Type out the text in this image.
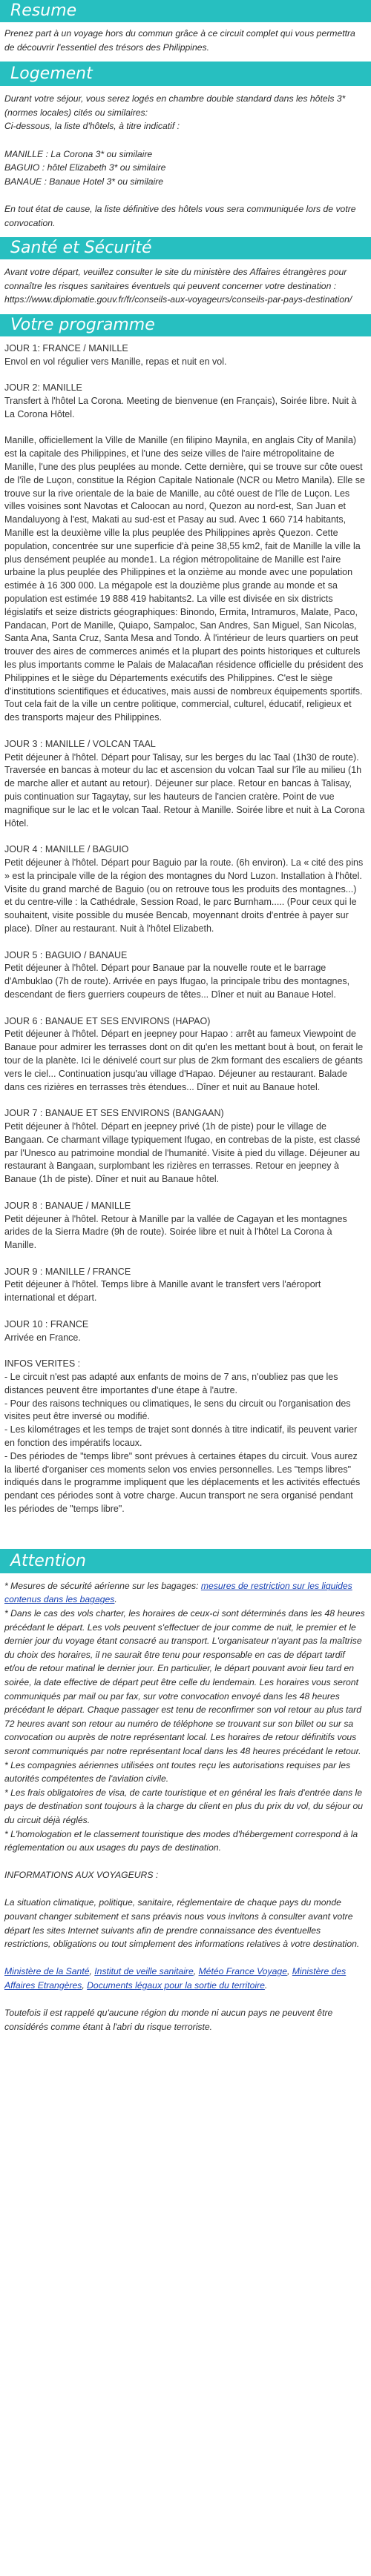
Resume

Prenez part à un voyage hors du commun grâce à ce circuit complet qui vous permettra de découvrir l'essentiel des trésors des Philippines.

Logement

Durant votre séjour, vous serez logés en chambre double standard dans les hôtels 3* (normes locales) cités ou similaires:

Ci-dessous, la liste d'hôtels, à titre indicatif :

MANILLE : La Corona 3* ou similaire

BAGUIO : hôtel Elizabeth 3* ou similaire

BANAUE : Banaue Hotel 3* ou similaire

En tout état de cause, la liste définitive des hôtels vous sera communiquée lors de votre convocation.

Santé et Sécurité

Avant votre départ, veuillez consulter le site du ministère des Affaires étrangères pour connaître les risques sanitaires éventuels qui peuvent concerner votre destination : https://www.diplomatie.gouv.fr/fr/conseils-aux-voyageurs/conseils-par-pays-destination/

Votre programme

JOUR 1: FRANCE / MANILLE

Envol en vol régulier vers Manille, repas et nuit en vol.

JOUR 2: MANILLE

Transfert à l'hôtel La Corona. Meeting de bienvenue (en Français), Soirée libre. Nuit à La Corona Hôtel.

Manille, officiellement la Ville de Manille (en filipino Maynila, en anglais City of Manila) est la capitale des Philippines, et l'une des seize villes de l'aire métropolitaine de Manille, l'une des plus peuplées au monde. Cette dernière, qui se trouve sur côte ouest de l'île de Luçon, constitue la Région Capitale Nationale (NCR ou Metro Manila). Elle se trouve sur la rive orientale de la baie de Manille, au côté ouest de l'île de Luçon. Les villes voisines sont Navotas et Caloocan au nord, Quezon au nord-est, San Juan et Mandaluyong à l'est, Makati au sud-est et Pasay au sud. Avec 1 660 714 habitants, Manille est la deuxième ville la plus peuplée des Philippines après Quezon. Cette population, concentrée sur une superficie d'à peine 38,55 km2, fait de Manille la ville la plus densément peuplée au monde1. La région métropolitaine de Manille est l'aire urbaine la plus peuplée des Philippines et la onzième au monde avec une population estimée à 16 300 000. La mégapole est la douzième plus grande au monde et sa population est estimée 19 888 419 habitants2. La ville est divisée en six districts législatifs et seize districts géographiques: Binondo, Ermita, Intramuros, Malate, Paco, Pandacan, Port de Manille, Quiapo, Sampaloc, San Andres, San Miguel, San Nicolas, Santa Ana, Santa Cruz, Santa Mesa and Tondo. À l'intérieur de leurs quartiers on peut trouver des aires de commerces animés et la plupart des points historiques et culturels les plus importants comme le Palais de Malacañan résidence officielle du président des Philippines et le siège du Départements exécutifs des Philippines. C'est le siège d'institutions scientifiques et éducatives, mais aussi de nombreux équipements sportifs. Tout cela fait de la ville un centre politique, commercial, culturel, éducatif, religieux et des transports majeur des Philippines.

JOUR 3 : MANILLE / VOLCAN TAAL

Petit déjeuner à l'hôtel. Départ pour Talisay, sur les berges du lac Taal (1h30 de route). Traversée en bancas à moteur du lac et ascension du volcan Taal sur l'île au milieu (1h de marche aller et autant au retour). Déjeuner sur place. Retour en bancas à Talisay, puis continuation sur Tagaytay, sur les hauteurs de l'ancien cratère. Point de vue magnifique sur le lac et le volcan Taal. Retour à Manille. Soirée libre et nuit à La Corona Hôtel.

JOUR 4 : MANILLE / BAGUIO

Petit déjeuner à l'hôtel. Départ pour Baguio par la route. (6h environ). La « cité des pins » est la principale ville de la région des montagnes du Nord Luzon. Installation à l'hôtel.

Visite du grand marché de Baguio (ou on retrouve tous les produits des montagnes...) et du centre-ville : la Cathédrale, Session Road, le parc Burnham..... (Pour ceux qui le souhaitent, visite possible du musée Bencab, moyennant droits d'entrée à payer sur place). Dîner au restaurant. Nuit à l'hôtel Elizabeth.

JOUR 5 : BAGUIO / BANAUE

Petit déjeuner à l'hôtel. Départ pour Banaue par la nouvelle route et le barrage d'Ambuklao (7h de route). Arrivée en pays Ifugao, la principale tribu des montagnes, descendant de fiers guerriers coupeurs de têtes... Dîner et nuit au Banaue Hotel.

JOUR 6 : BANAUE ET SES ENVIRONS (HAPAO)

Petit déjeuner à l'hôtel. Départ en jeepney pour Hapao : arrêt au fameux Viewpoint de Banaue pour admirer les terrasses dont on dit qu'en les mettant bout à bout, on ferait le tour de la planète. Ici le dénivelé court sur plus de 2km formant des escaliers de géants vers le ciel... Continuation jusqu'au village d'Hapao. Déjeuner au restaurant. Balade dans ces rizières en terrasses très étendues... Dîner et nuit au Banaue hotel.

JOUR 7 : BANAUE ET SES ENVIRONS (BANGAAN)

Petit déjeuner à l'hôtel. Départ en jeepney privé (1h de piste) pour le village de Bangaan. Ce charmant village typiquement Ifugao, en contrebas de la piste, est classé par l'Unesco au patrimoine mondial de l'humanité. Visite à pied du village. Déjeuner au restaurant à Bangaan, surplombant les rizières en terrasses. Retour en jeepney à Banaue (1h de piste). Dîner et nuit au Banaue hôtel.

JOUR 8 : BANAUE / MANILLE

Petit déjeuner à l'hôtel. Retour à Manille par la vallée de Cagayan et les montagnes arides de la Sierra Madre (9h de route). Soirée libre et nuit à l'hôtel La Corona à Manille.

JOUR 9 : MANILLE / FRANCE

Petit déjeuner à l'hôtel. Temps libre à Manille avant le transfert vers l'aéroport international et départ.

JOUR 10 : FRANCE

Arrivée en France.

INFOS VERITES :

- Le circuit n'est pas adapté aux enfants de moins de 7 ans, n'oubliez pas que les distances peuvent être importantes d'une étape à l'autre.

- Pour des raisons techniques ou climatiques, le sens du circuit ou l'organisation des visites peut être inversé ou modifié.

- Les kilométrages et les temps de trajet sont donnés à titre indicatif, ils peuvent varier en fonction des impératifs locaux.

- Des périodes de "temps libre" sont prévues à certaines étapes du circuit. Vous aurez la liberté d'organiser ces moments selon vos envies personnelles. Les "temps libres" indiqués dans le programme impliquent que les déplacements et les activités effectués pendant ces périodes sont à votre charge. Aucun transport ne sera organisé pendant les périodes de "temps libre".

Attention

* Mesures de sécurité aérienne sur les bagages: mesures de restriction sur les liquides contenus dans les bagages.

* Dans le cas des vols charter, les horaires de ceux-ci sont déterminés dans les 48 heures précédant le départ. Les vols peuvent s'effectuer de jour comme de nuit, le premier et le dernier jour du voyage étant consacré au transport. L'organisateur n'ayant pas la maîtrise du choix des horaires, il ne saurait être tenu pour responsable en cas de départ tardif et/ou de retour matinal le dernier jour. En particulier, le départ pouvant avoir lieu tard en soirée, la date effective de départ peut être celle du lendemain. Les horaires vous seront communiqués par mail ou par fax, sur votre convocation envoyé dans les 48 heures précédant le départ. Chaque passager est tenu de reconfirmer son vol retour au plus tard 72 heures avant son retour au numéro de téléphone se trouvant sur son billet ou sur sa convocation ou auprès de notre représentant local. Les horaires de retour définitifs vous seront communiqués par notre représentant local dans les 48 heures précédant le retour.

* Les compagnies aériennes utilisées ont toutes reçu les autorisations requises par les autorités compétentes de l'aviation civile.

* Les frais obligatoires de visa, de carte touristique et en général les frais d'entrée dans le pays de destination sont toujours à la charge du client en plus du prix du vol, du séjour ou du circuit déjà réglés.

* L'homologation et le classement touristique des modes d'hébergement correspond à la réglementation ou aux usages du pays de destination.

INFORMATIONS AUX VOYAGEURS :

La situation climatique, politique, sanitaire, réglementaire de chaque pays du monde pouvant changer subitement et sans préavis nous vous invitons à consulter avant votre départ les sites Internet suivants afin de prendre connaissance des éventuelles restrictions, obligations ou tout simplement des informations relatives à votre destination.

Ministère de la Santé, Institut de veille sanitaire, Météo France Voyage, Ministère des Affaires Etrangères, Documents légaux pour la sortie du territoire.

Toutefois il est rappelé qu'aucune région du monde ni aucun pays ne peuvent être considérés comme étant à l'abri du risque terroriste.
